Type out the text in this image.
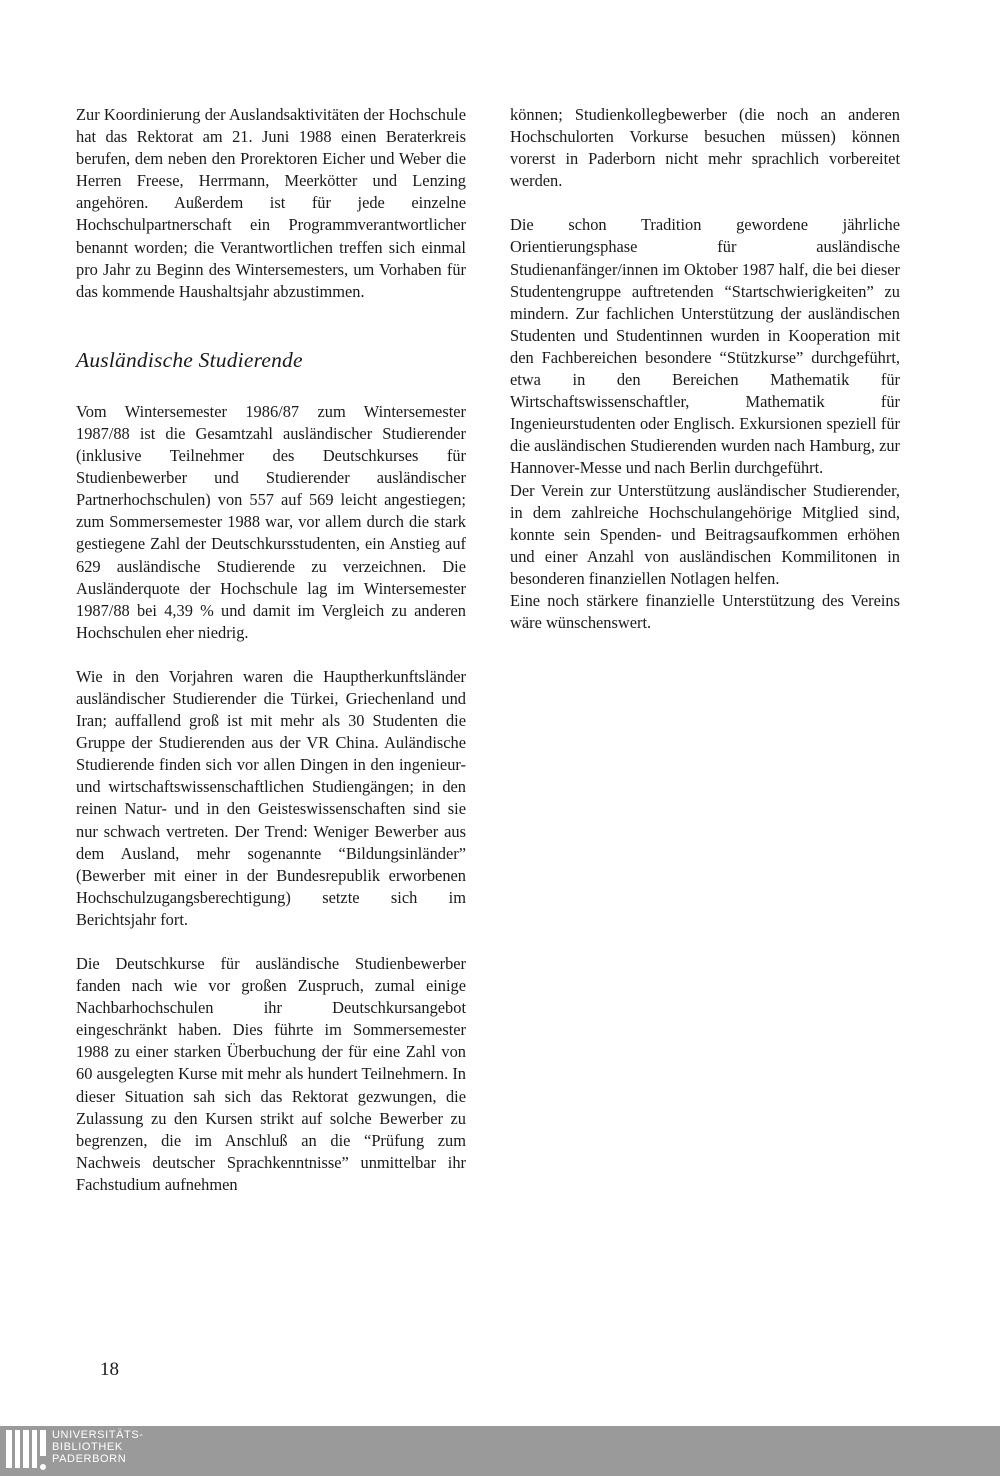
Zur Koordinierung der Auslandsaktivitäten der Hochschule hat das Rektorat am 21. Juni 1988 einen Beraterkreis berufen, dem neben den Prorektoren Eicher und Weber die Herren Freese, Herrmann, Meerkötter und Lenzing angehören. Außerdem ist für jede einzelne Hochschulpartnerschaft ein Programmverantwortlicher benannt worden; die Verantwortlichen treffen sich einmal pro Jahr zu Beginn des Wintersemesters, um Vorhaben für das kommende Haushaltsjahr abzustimmen.

Ausländische Studierende

Vom Wintersemester 1986/87 zum Wintersemester 1987/88 ist die Gesamtzahl ausländischer Studierender (inklusive Teilnehmer des Deutschkurses für Studienbewerber und Studierender ausländischer Partnerhochschulen) von 557 auf 569 leicht angestiegen; zum Sommersemester 1988 war, vor allem durch die stark gestiegene Zahl der Deutschkursstudenten, ein Anstieg auf 629 ausländische Studierende zu verzeichnen. Die Ausländerquote der Hochschule lag im Wintersemester 1987/88 bei 4,39 % und damit im Vergleich zu anderen Hochschulen eher niedrig.

Wie in den Vorjahren waren die Hauptherkunftsländer ausländischer Studierender die Türkei, Griechenland und Iran; auffallend groß ist mit mehr als 30 Studenten die Gruppe der Studierenden aus der VR China. Auländische Studierende finden sich vor allen Dingen in den ingenieur- und wirtschaftswissenschaftlichen Studiengängen; in den reinen Natur- und in den Geisteswissenschaften sind sie nur schwach vertreten. Der Trend: Weniger Bewerber aus dem Ausland, mehr sogenannte “Bildungsinländer” (Bewerber mit einer in der Bundesrepublik erworbenen Hochschulzugangsberechtigung) setzte sich im Berichtsjahr fort.

Die Deutschkurse für ausländische Studienbewerber fanden nach wie vor großen Zuspruch, zumal einige Nachbarhochschulen ihr Deutschkursangebot eingeschränkt haben. Dies führte im Sommersemester 1988 zu einer starken Überbuchung der für eine Zahl von 60 ausgelegten Kurse mit mehr als hundert Teilnehmern. In dieser Situation sah sich das Rektorat gezwungen, die Zulassung zu den Kursen strikt auf solche Bewerber zu begrenzen, die im Anschluß an die “Prüfung zum Nachweis deutscher Sprachkenntnisse” unmittelbar ihr Fachstudium aufnehmen

können; Studienkollegbewerber (die noch an anderen Hochschulorten Vorkurse besuchen müssen) können vorerst in Paderborn nicht mehr sprachlich vorbereitet werden.

Die schon Tradition gewordene jährliche Orientierungsphase für ausländische Studienanfänger/innen im Oktober 1987 half, die bei dieser Studentengruppe auftretenden “Startschwierigkeiten” zu mindern. Zur fachlichen Unterstützung der ausländischen Studenten und Studentinnen wurden in Kooperation mit den Fachbereichen besondere “Stützkurse” durchgeführt, etwa in den Bereichen Mathematik für Wirtschaftswissenschaftler, Mathematik für Ingenieurstudenten oder Englisch. Exkursionen speziell für die ausländischen Studierenden wurden nach Hamburg, zur Hannover-Messe und nach Berlin durchgeführt.

Der Verein zur Unterstützung ausländischer Studierender, in dem zahlreiche Hochschulangehörige Mitglied sind, konnte sein Spenden- und Beitragsaufkommen erhöhen und einer Anzahl von ausländischen Kommilitonen in besonderen finanziellen Notlagen helfen.

Eine noch stärkere finanzielle Unterstützung des Vereins wäre wünschenswert.

18
UNIVERSITÄTS-
BIBLIOTHEK
PADERBORN
